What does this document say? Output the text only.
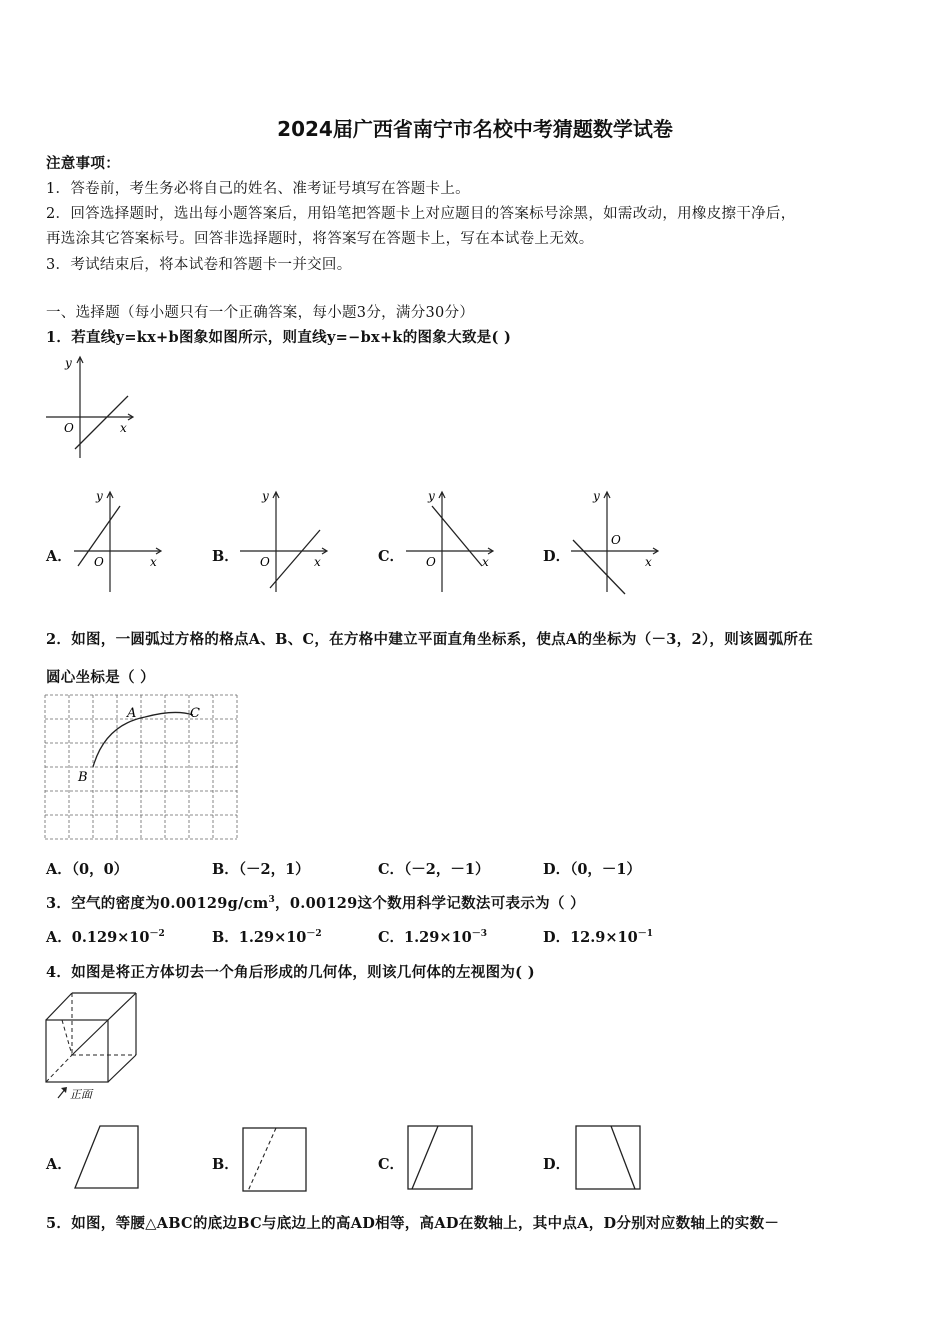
2024届广西省南宁市名校中考猜题数学试卷
注意事项：
1．答卷前，考生务必将自己的姓名、准考证号填写在答题卡上。
2．回答选择题时，选出每小题答案后，用铅笔把答题卡上对应题目的答案标号涂黑，如需改动，用橡皮擦干净后，
再选涂其它答案标号。回答非选择题时，将答案写在答题卡上，写在本试卷上无效。
3．考试结束后，将本试卷和答题卡一并交回。
一、选择题（每小题只有一个正确答案，每小题3分，满分30分）
1．若直线y=kx+b图象如图所示，则直线y=−bx+k的图象大致是( )
y
x
O
A．
y
x
O	B．
y
x
O	C．
y
x
O	D．
y
x
O
2．如图，一圆弧过方格的格点A、B、C，在方格中建立平面直角坐标系，使点A的坐标为（－3，2），则该圆弧所在
圆心坐标是（ ）
A
B
C
A．（0，0）	B．（－2，1）	C．（－2，－1）	D．（0，－1）
3．空气的密度为$0.00129g/cm^3$，0.00129这个数用科学记数法可表示为（ ）
A．$0.129\times 10^{-2}$	B．$1.29\times 10^{-2}$	C．$1.29\times 10^{-3}$	D．$12.9\times 10^{-1}$
4．如图是将正方体切去一个角后形成的几何体，则该几何体的左视图为( )
正面
A．	B．	C．	D．
5．如图，等腰△ABC的底边BC与底边上的高AD相等，高AD在数轴上，其中点A，D分别对应数轴上的实数－
